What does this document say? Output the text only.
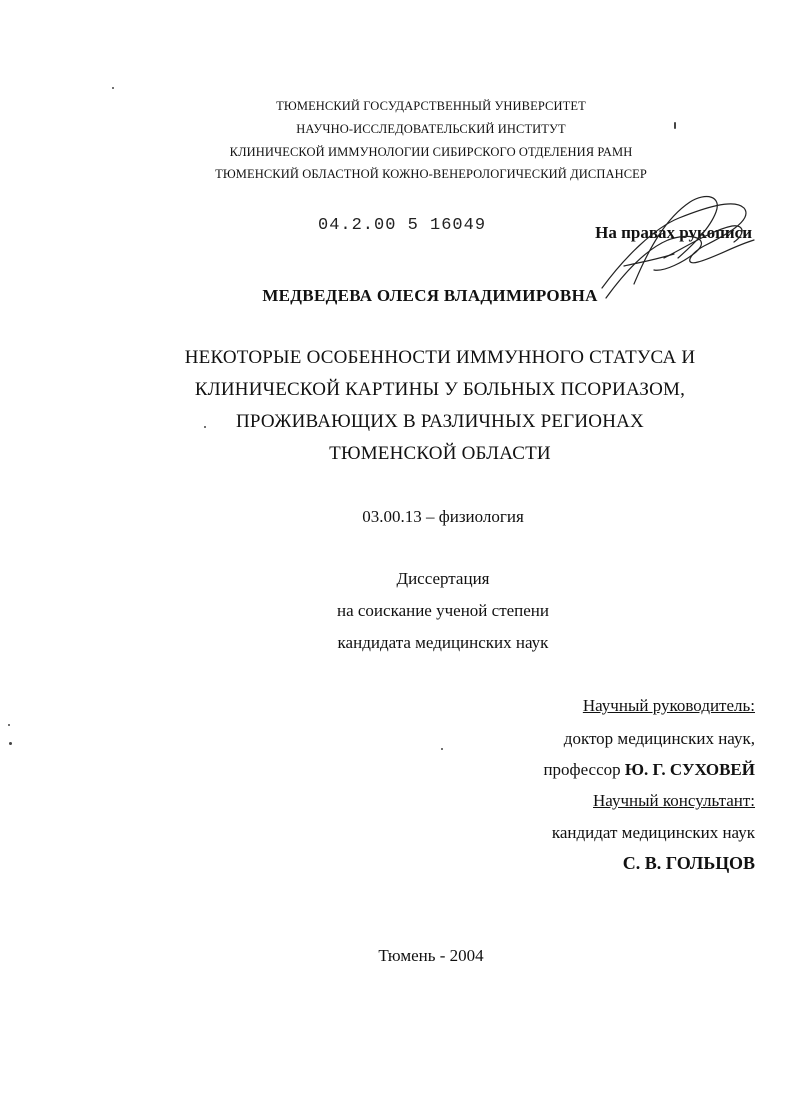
ТЮМЕНСКИЙ ГОСУДАРСТВЕННЫЙ УНИВЕРСИТЕТ
НАУЧНО-ИССЛЕДОВАТЕЛЬСКИЙ ИНСТИТУТ
КЛИНИЧЕСКОЙ ИММУНОЛОГИИ СИБИРСКОГО ОТДЕЛЕНИЯ РАМН
ТЮМЕНСКИЙ ОБЛАСТНОЙ КОЖНО-ВЕНЕРОЛОГИЧЕСКИЙ ДИСПАНСЕР
04.2.00 5 16049	На правах рукописи
МЕДВЕДЕВА ОЛЕСЯ ВЛАДИМИРОВНА
НЕКОТОРЫЕ ОСОБЕННОСТИ ИММУННОГО СТАТУСА И
КЛИНИЧЕСКОЙ КАРТИНЫ У БОЛЬНЫХ ПСОРИАЗОМ,
ПРОЖИВАЮЩИХ В РАЗЛИЧНЫХ РЕГИОНАХ
ТЮМЕНСКОЙ ОБЛАСТИ
03.00.13 – физиология
Диссертация
на соискание ученой степени
кандидата медицинских наук
Научный руководитель:
доктор медицинских наук,
профессор Ю. Г. СУХОВЕЙ
Научный консультант:
кандидат медицинских наук
С. В. ГОЛЬЦОВ
Тюмень - 2004
